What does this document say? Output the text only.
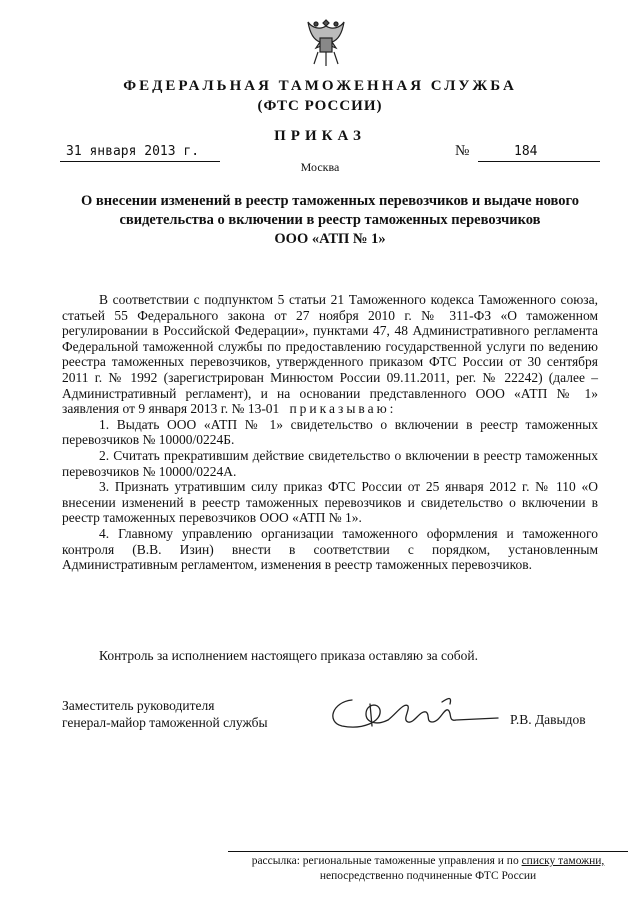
ФЕДЕРАЛЬНАЯ ТАМОЖЕННАЯ СЛУЖБА
(ФТС РОССИИ)
ПРИКАЗ
31 января 2013 г.	№	184
Москва
О внесении изменений в реестр таможенных перевозчиков и выдаче нового
свидетельства о включении в реестр таможенных перевозчиков
ООО «АТП № 1»

В соответствии с подпунктом 5 статьи 21 Таможенного кодекса Таможенного союза, статьей 55 Федерального закона от 27 ноября 2010 г. № 311-ФЗ «О таможенном регулировании в Российской Федерации», пунктами 47, 48 Административного регламента Федеральной таможенной службы по предоставлению государственной услуги по ведению реестра таможенных перевозчиков, утвержденного приказом ФТС России от 30 сентября 2011 г. № 1992 (зарегистрирован Минюстом России 09.11.2011, рег. № 22242) (далее – Административный регламент), и на основании представленного ООО «АТП № 1» заявления от 9 января 2013 г. № 13-01 приказываю:

1. Выдать ООО «АТП № 1» свидетельство о включении в реестр таможенных перевозчиков № 10000/0224Б.

2. Считать прекратившим действие свидетельство о включении в реестр таможенных перевозчиков № 10000/0224А.

3. Признать утратившим силу приказ ФТС России от 25 января 2012 г. № 110 «О внесении изменений в реестр таможенных перевозчиков и свидетельство о включении в реестр таможенных перевозчиков ООО «АТП № 1».

4. Главному управлению организации таможенного оформления и таможенного контроля (В.В. Изин) внести в соответствии с порядком, установленным Административным регламентом, изменения в реестр таможенных перевозчиков.

Контроль за исполнением настоящего приказа оставляю за собой.
Заместитель руководителя
генерал-майор таможенной службы	Р.В. Давыдов
рассылка: региональные таможенные управления и по списку таможни,
непосредственно подчиненные ФТС России
